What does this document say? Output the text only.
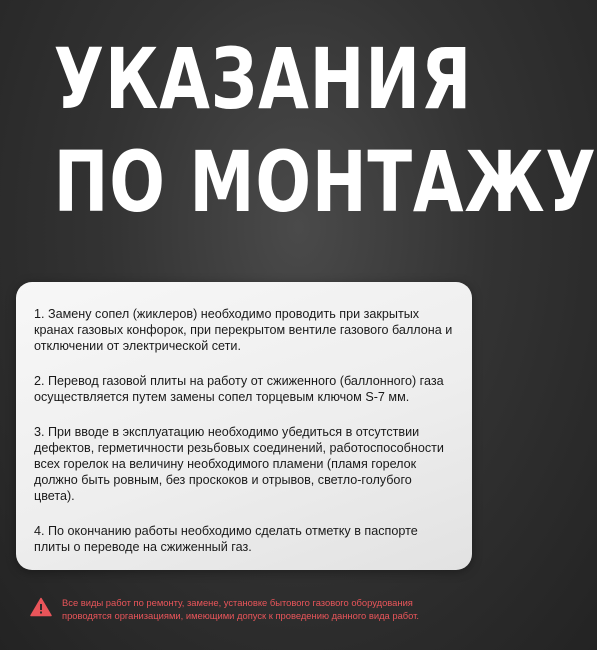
УКАЗАНИЯ
ПО МОНТАЖУ

1. Замену сопел (жиклеров) необходимо проводить при закрытых кранах газовых конфорок, при перекрытом вентиле газового баллона и отключении от электрической сети.

2. Перевод газовой плиты на работу от сжиженного (баллонного) газа осуществляется путем замены сопел торцевым ключом S-7 мм.

3. При вводе в эксплуатацию необходимо убедиться в отсутствии дефектов, герметичности резьбовых соединений, работоспособности всех горелок на величину необходимого пламени (пламя горелок должно быть ровным, без проскоков и отрывов, светло-голубого цвета).

4. По окончанию работы необходимо сделать отметку в паспорте плиты о переводе на сжиженный газ.

Все виды работ по ремонту, замене, установке бытового газового оборудования
проводятся организациями, имеющими допуск к проведению данного вида работ.
